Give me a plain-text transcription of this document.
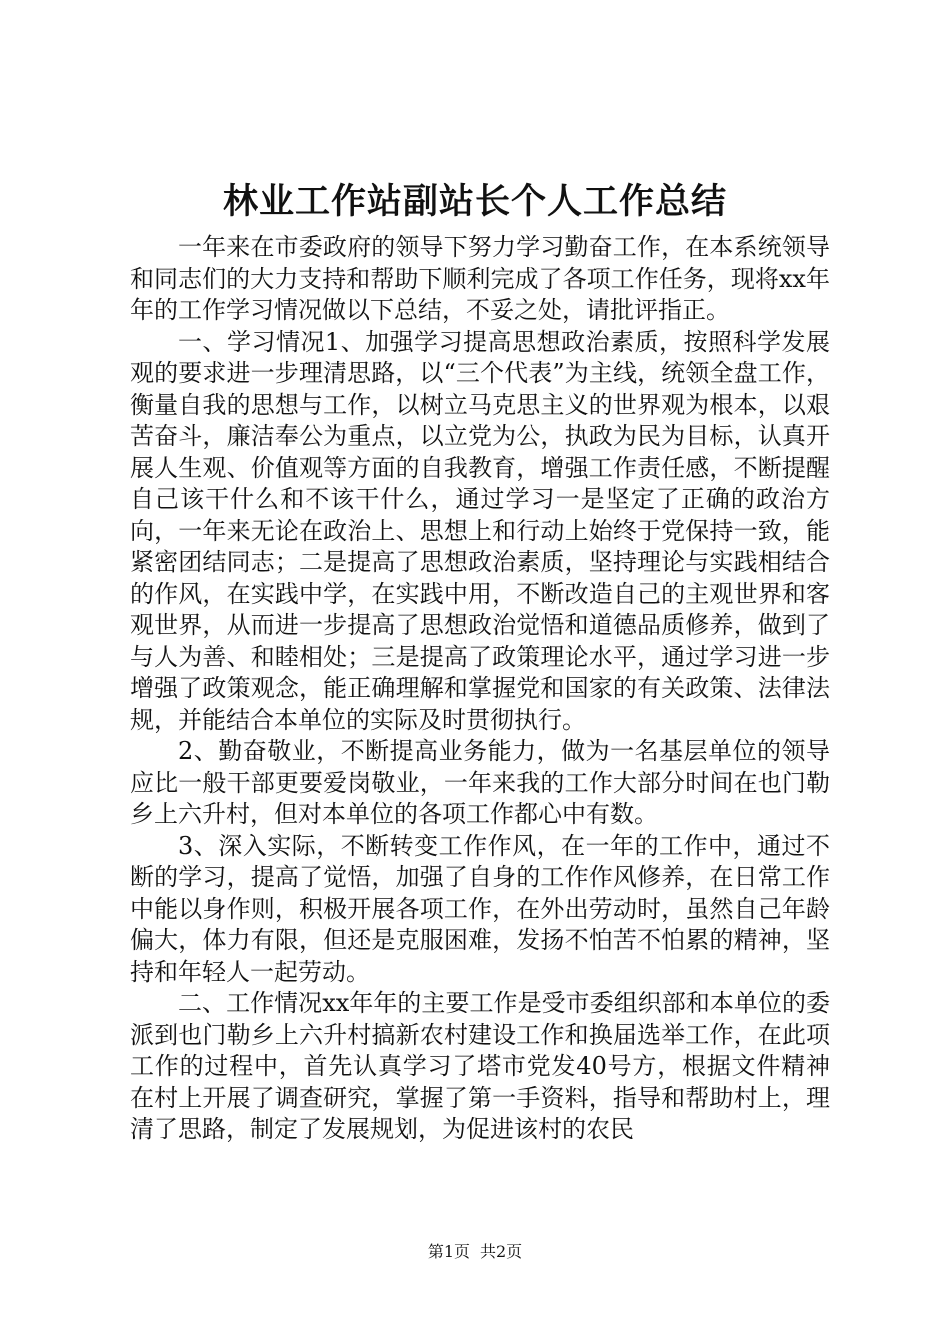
林业工作站副站长个人工作总结

一年来在市委政府的领导下努力学习勤奋工作，在本系统领导和同志们的大力支持和帮助下顺利完成了各项工作任务，现将xx年年的工作学习情况做以下总结，不妥之处，请批评指正。

一、学习情况1、加强学习提高思想政治素质，按照科学发展观的要求进一步理清思路，以“三个代表”为主线，统领全盘工作，衡量自我的思想与工作，以树立马克思主义的世界观为根本，以艰苦奋斗，廉洁奉公为重点，以立党为公，执政为民为目标，认真开展人生观、价值观等方面的自我教育，增强工作责任感，不断提醒自己该干什么和不该干什么，通过学习一是坚定了正确的政治方向，一年来无论在政治上、思想上和行动上始终于党保持一致，能紧密团结同志；二是提高了思想政治素质，坚持理论与实践相结合的作风，在实践中学，在实践中用，不断改造自己的主观世界和客观世界，从而进一步提高了思想政治觉悟和道德品质修养，做到了与人为善、和睦相处；三是提高了政策理论水平，通过学习进一步增强了政策观念，能正确理解和掌握党和国家的有关政策、法律法规，并能结合本单位的实际及时贯彻执行。

2、勤奋敬业，不断提高业务能力，做为一名基层单位的领导应比一般干部更要爱岗敬业，一年来我的工作大部分时间在也门勒乡上六升村，但对本单位的各项工作都心中有数。

3、深入实际，不断转变工作作风，在一年的工作中，通过不断的学习，提高了觉悟，加强了自身的工作作风修养，在日常工作中能以身作则，积极开展各项工作，在外出劳动时，虽然自己年龄偏大，体力有限，但还是克服困难，发扬不怕苦不怕累的精神，坚持和年轻人一起劳动。

二、工作情况xx年年的主要工作是受市委组织部和本单位的委派到也门勒乡上六升村搞新农村建设工作和换届选举工作，在此项工作的过程中，首先认真学习了塔市党发40号方，根据文件精神在村上开展了调查研究，掌握了第一手资料，指导和帮助村上，理清了思路，制定了发展规划，为促进该村的农民

第1页 共2页
